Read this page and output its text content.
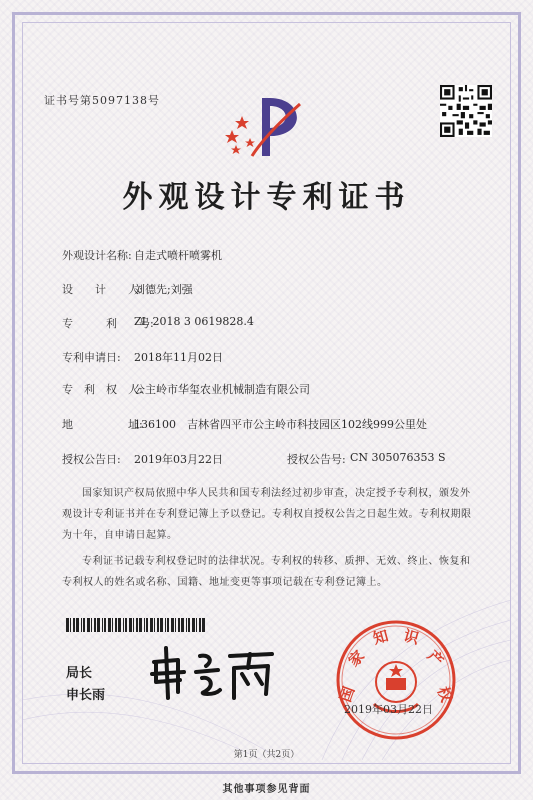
证书号第5097138号
外观设计专利证书
外观设计名称: 自走式喷杆喷雾机
设　　计　　人:
刘德先;刘强
专　　　利　　号:
ZL 2018 3 0619828.4
专利申请日: 2018年11月02日
专　利　权　人:
公主岭市华玺农业机械制造有限公司
地　　　　　址:
136100　吉林省四平市公主岭市科技园区102线999公里处
授权公告日: 2019年03月22日	授权公告号: CN 305076353 S
国家知识产权局依照中华人民共和国专利法经过初步审查，决定授予专利权，颁发外观设计专利证书并在专利登记簿上予以登记。专利权自授权公告之日起生效。专利权期限为十年，自申请日起算。
专利证书记载专利权登记时的法律状况。专利权的转移、质押、无效、终止、恢复和专利权人的姓名或名称、国籍、地址变更等事项记载在专利登记簿上。
局长
申长雨	国
家
知 识
产
权
2019年03月22日
第1页（共2页）
其他事项参见背面
